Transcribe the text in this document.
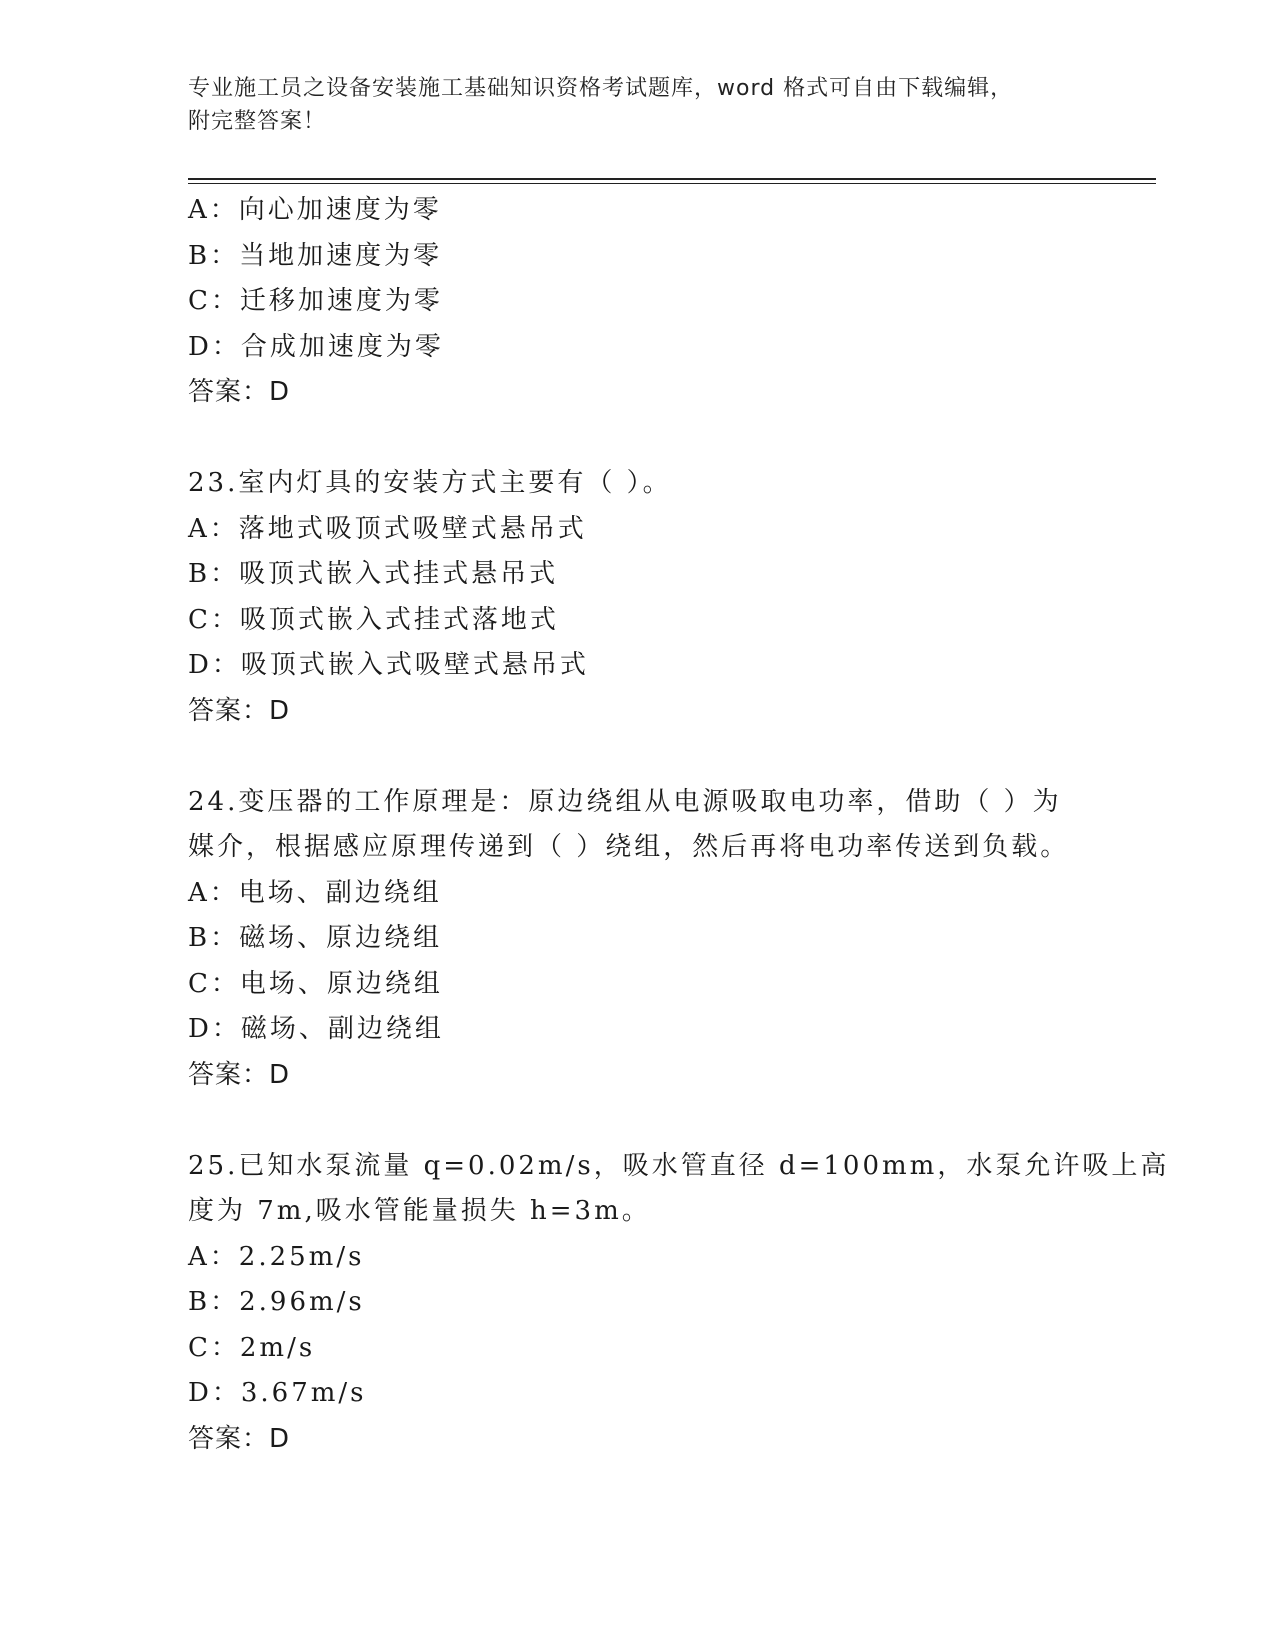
专业施工员之设备安装施工基础知识资格考试题库，word 格式可自由下载编辑，
附完整答案！
A：向心加速度为零
B：当地加速度为零
C：迁移加速度为零
D：合成加速度为零
答案：D
23.室内灯具的安装方式主要有（ ）。
A：落地式吸顶式吸壁式悬吊式
B：吸顶式嵌入式挂式悬吊式
C：吸顶式嵌入式挂式落地式
D：吸顶式嵌入式吸壁式悬吊式
答案：D
24.变压器的工作原理是：原边绕组从电源吸取电功率，借助（ ）为
媒介，根据感应原理传递到（ ）绕组，然后再将电功率传送到负载。
A：电场、副边绕组
B：磁场、原边绕组
C：电场、原边绕组
D：磁场、副边绕组
答案：D
25.已知水泵流量 q=0.02m/s，吸水管直径 d=100mm，水泵允许吸上高
度为 7m,吸水管能量损失 h=3m。
A：2.25m/s
B：2.96m/s
C：2m/s
D：3.67m/s
答案：D
